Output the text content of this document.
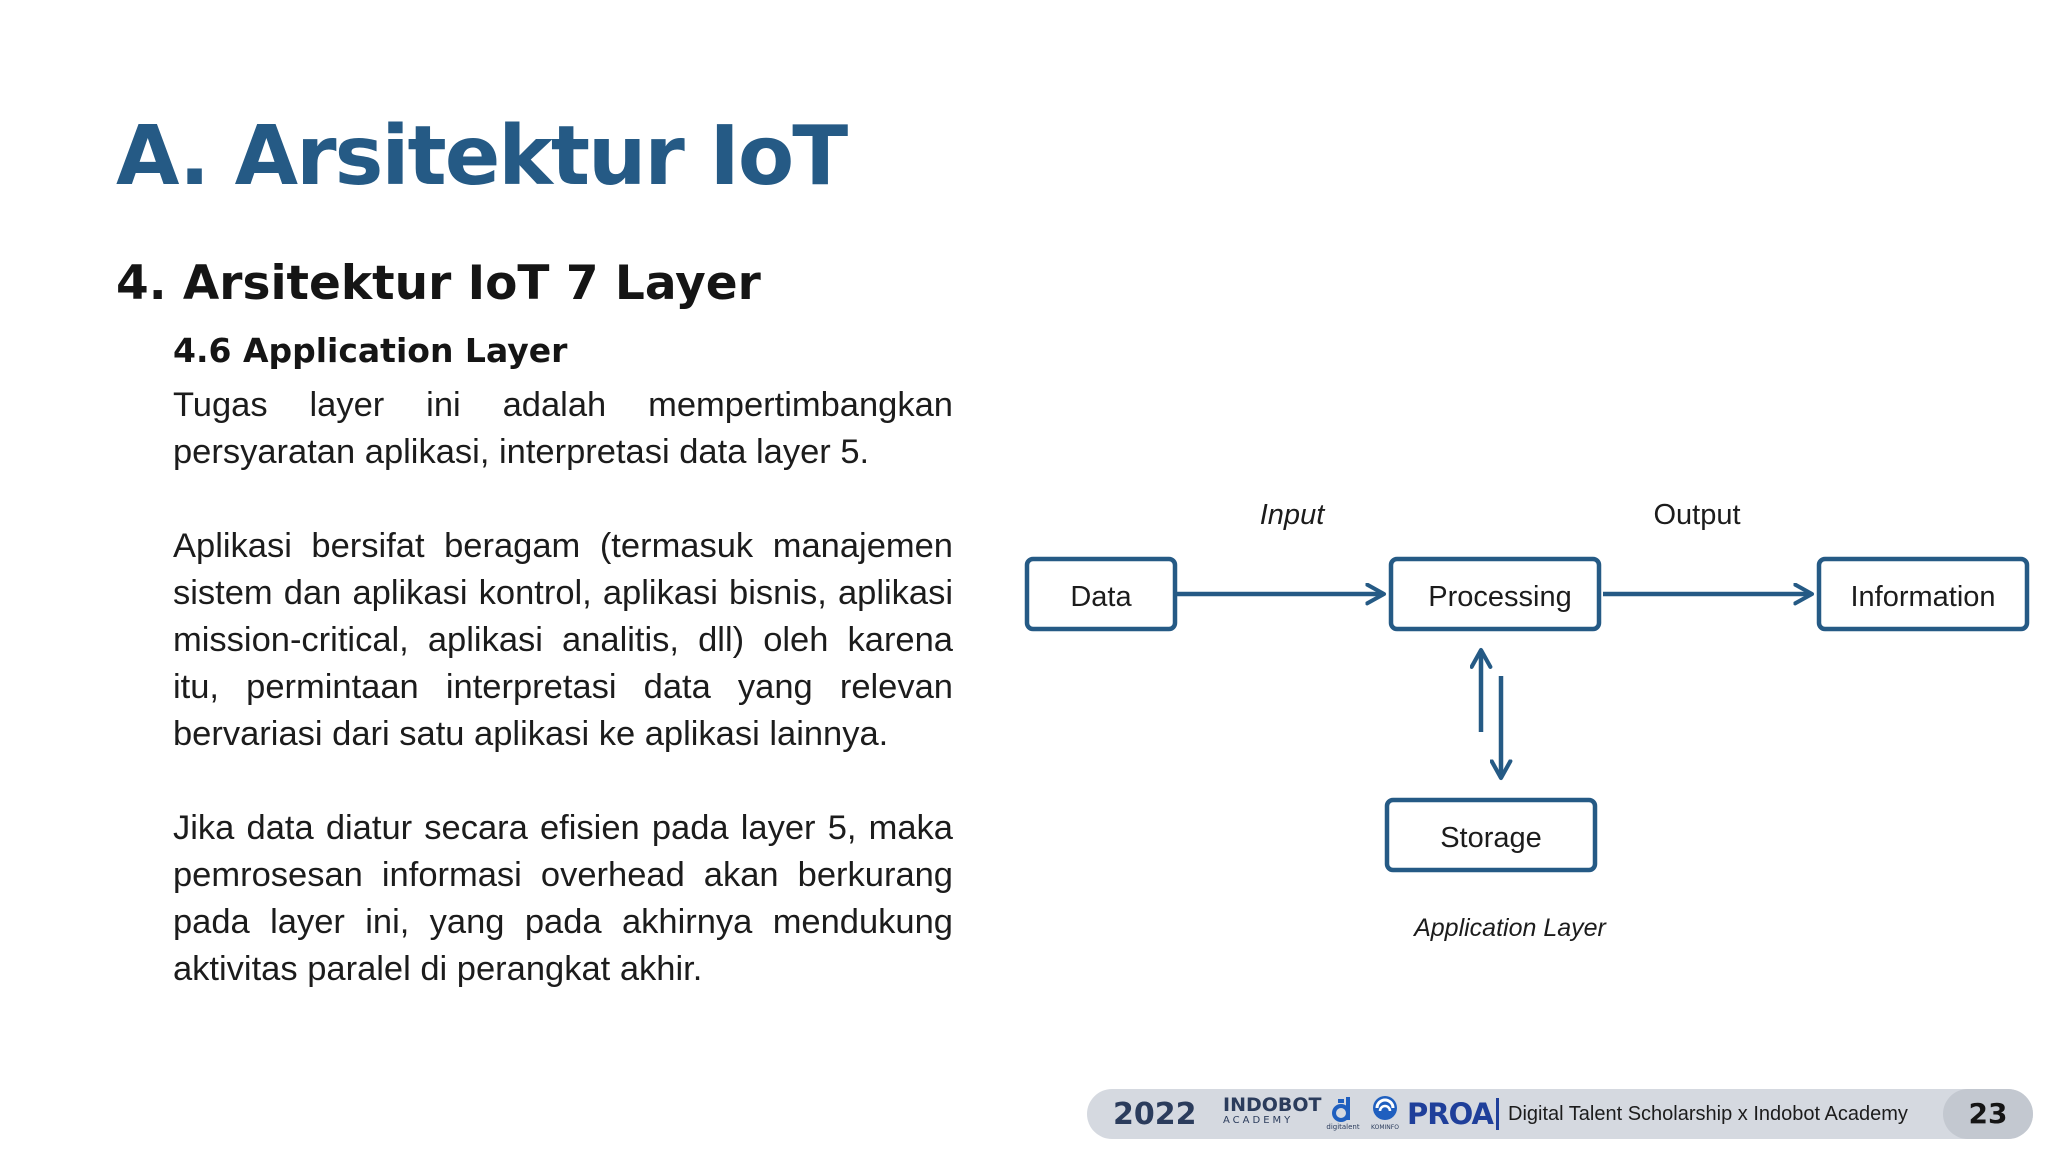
A. Arsitektur IoT
4. Arsitektur IoT 7 Layer
4.6 Application Layer

Tugas layer ini adalah mempertimbangkan persyaratan aplikasi, interpretasi data layer 5.

Aplikasi bersifat beragam (termasuk manajemen sistem dan aplikasi kontrol, aplikasi bisnis, aplikasi mission-critical, aplikasi analitis, dll) oleh karena itu, permintaan interpretasi data yang relevan bervariasi dari satu aplikasi ke aplikasi lainnya.

Jika data diatur secara efisien pada layer 5, maka pemrosesan informasi overhead akan berkurang pada layer ini, yang pada akhirnya mendukung aktivitas paralel di perangkat akhir.

Input	Output
Data	Processing	Information
Storage
Application Layer
2022 INDOBOT
ACADEMY
digitalent	KOMINFO PROA Digital Talent Scholarship x Indobot Academy	23
